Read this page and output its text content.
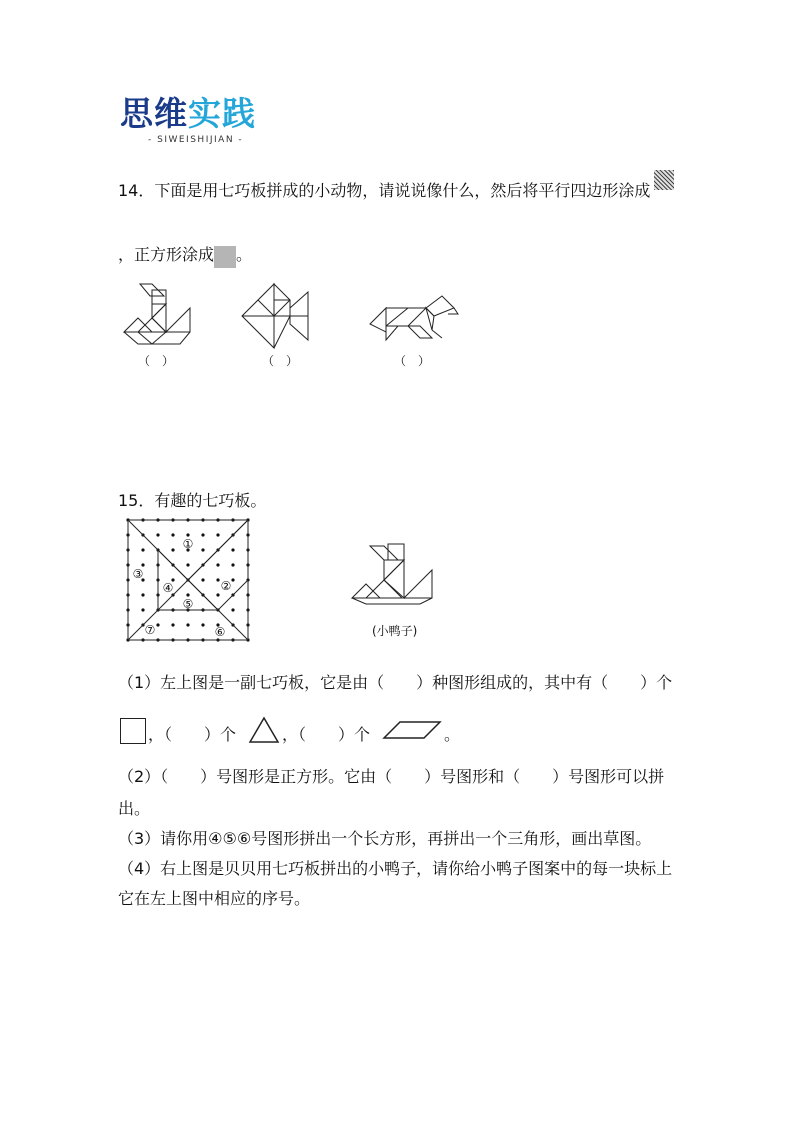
思维实践
- SIWEISHIJIAN -
14．下面是用七巧板拼成的小动物，请说说像什么，然后将平行四边形涂成
，正方形涂成 。
（　）	（　）	（　）
15．有趣的七巧板。
①
②
③
④
⑤
⑥
⑦	(小鸭子)
（1）左上图是一副七巧板，它是由（　　）种图形组成的，其中有（　　）个
，（　　）个	，（　　）个	。
（2）（　　）号图形是正方形。它由（　　）号图形和（　　）号图形可以拼
出。
（3）请你用④⑤⑥号图形拼出一个长方形，再拼出一个三角形，画出草图。
（4）右上图是贝贝用七巧板拼出的小鸭子，请你给小鸭子图案中的每一块标上
它在左上图中相应的序号。
